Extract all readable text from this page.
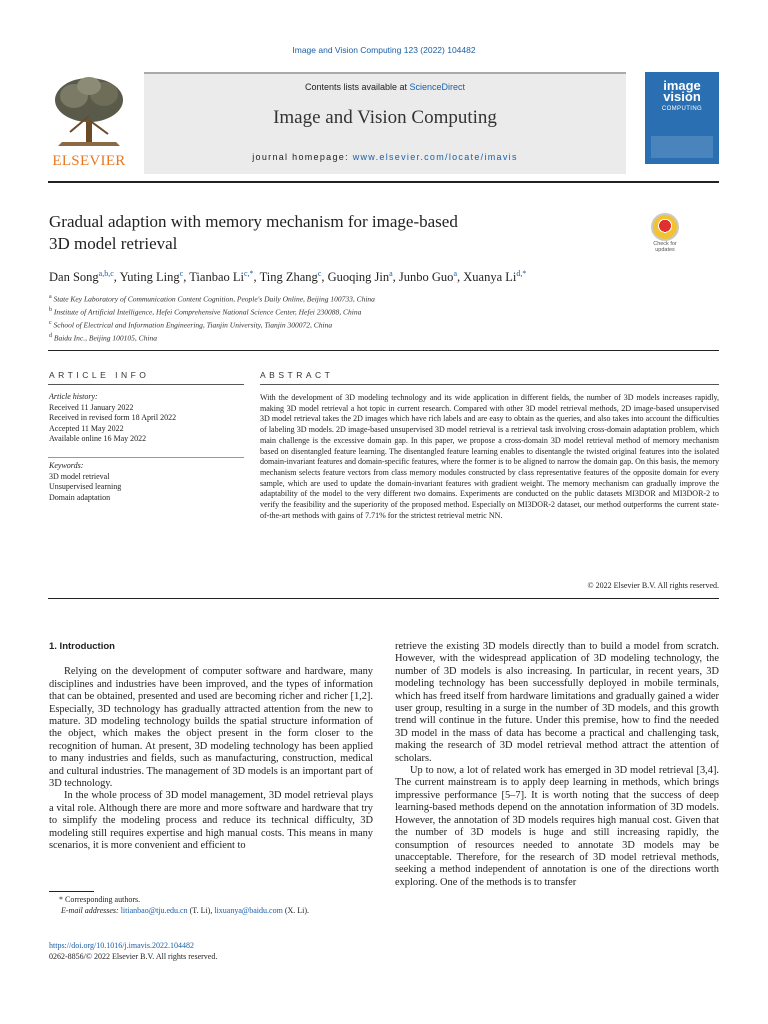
Image and Vision Computing 123 (2022) 104482
ELSEVIER
Contents lists available at ScienceDirect
Image and Vision Computing
journal homepage: www.elsevier.com/locate/imavis
image
vision
COMPUTING
Gradual adaption with memory mechanism for image-based
3D model retrieval	Check for
updates
Dan Song$^{a,b,c}$, Yuting Ling$^c$, Tianbao $Li^{c,*}$, Ting Zhang$^c$, Guoqing Jin$^a$, Junbo Guo$^a$, Xuanya $Li^{d,*}$
$^a$ State Key Laboratory of Communication Content Cognition, People's Daily Online, Beijing 100733, China
$^b$ Institute of Artificial Intelligence, Hefei Comprehensive National Science Center, Hefei 230088, China
$^c$ School of Electrical and Information Engineering, Tianjin University, Tianjin 300072, China
$^d$ Baidu Inc., Beijing 100105, China
ARTICLE INFO	ABSTRACT
Article history:
Received 11 January 2022
Received in revised form 18 April 2022
Accepted 11 May 2022
Available online 16 May 2022
Keywords:
3D model retrieval
Unsupervised learning
Domain adaptation
With the development of 3D modeling technology and its wide application in different fields, the number of 3D models increases rapidly, making 3D model retrieval a hot topic in current research. Compared with other 3D model retrieval methods, 2D image-based unsupervised 3D model retrieval takes the 2D images which have rich labels and are easy to obtain as the queries, and also takes into account the difficulties of labeling 3D models. 2D image-based unsupervised 3D model retrieval is a retrieval task involving cross-domain adaptation problem, which main challenge is the excessive domain gap. In this paper, we propose a cross-domain 3D model retrieval method of memory mechanism based on disentangled feature learning. The disentangled feature learning enables to disentangle the twisted original features into the isolated domain-invariant features and domain-specific features, where the former is to be aligned to narrow the domain gap. On this basis, the memory mechanism selects feature vectors from class memory modules constructed by class representative features of the opposite domain for every sample, which are used to update the domain-invariant features with gradient weight. The memory mechanism can gradually improve the adaptability of the model to the very different two domains. Experiments are conducted on the public datasets MI3DOR and MI3DOR-2 to verify the feasibility and the superiority of the proposed method. Especially on MI3DOR-2 dataset, our method outperforms the current state-of-the-art methods with gains of 7.71% for the strictest retrieval metric NN.
© 2022 Elsevier B.V. All rights reserved.
1. Introduction

Relying on the development of computer software and hardware, many disciplines and industries have been improved, and the types of information that can be obtained, presented and used are becoming richer and richer [1,2]. Especially, 3D technology has gradually attracted attention from the new to mature. 3D modeling technology builds the spatial structure information of the object, which makes the object present in the form closer to the recognition of human. At present, 3D modeling technology has been applied to many industries and fields, such as manufacturing, construction, medical and cultural industries. The management of 3D models is an important part of 3D technology.

In the whole process of 3D model management, 3D model retrieval plays a vital role. Although there are more and more software and hardware that try to simplify the modeling process and reduce its technical difficulty, 3D modeling still requires expertise and high manual costs. This means in many scenarios, it is more convenient and efficient to

retrieve the existing 3D models directly than to build a model from scratch. However, with the widespread application of 3D modeling technology, the number of 3D models is also increasing. In particular, in recent years, 3D modeling technology has been successfully deployed in mobile terminals, which has freed itself from hardware limitations and gradually gained a wider user group, resulting in a surge in the number of 3D models, and this growth trend will continue in the future. Under this premise, how to find the needed 3D model in the mass of data has become a practical and challenging task, making the research of 3D model retrieval method attract the attention of scholars.

Up to now, a lot of related work has emerged in 3D model retrieval [3,4]. The current mainstream is to apply deep learning in methods, which brings impressive performance [5–7]. It is worth noting that the success of deep learning-based methods depend on the annotation information of 3D models. However, the annotation of 3D models requires high manual cost. Given that the number of 3D models is huge and still increasing rapidly, the consumption of resources needed to annotate 3D models may be unacceptable. Therefore, for the research of 3D model retrieval methods, seeking a method independent of annotation is one of the directions worth exploring. One of the methods is to transfer

* Corresponding authors.
E-mail addresses: litianbao@tju.edu.cn (T. Li), lixuanya@baidu.com (X. Li).
https://doi.org/10.1016/j.imavis.2022.104482
0262-8856/© 2022 Elsevier B.V. All rights reserved.
